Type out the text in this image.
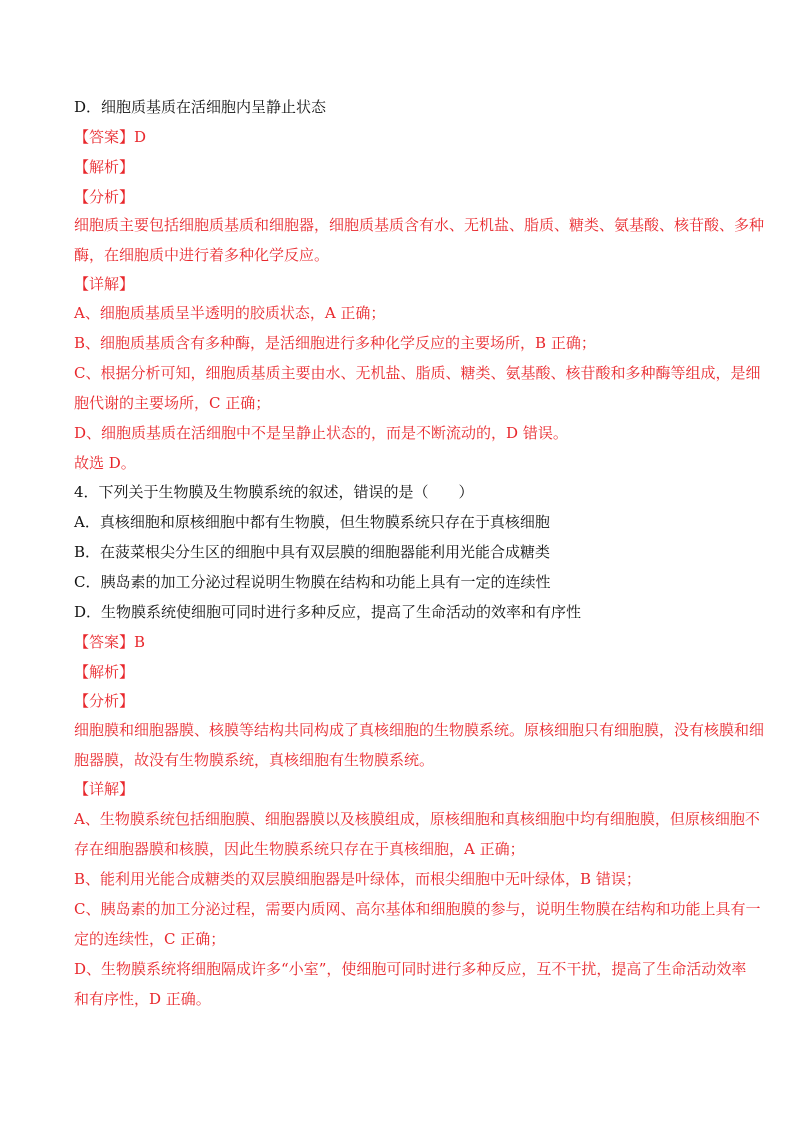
D．细胞质基质在活细胞内呈静止状态
【答案】D
【解析】
【分析】
细胞质主要包括细胞质基质和细胞器，细胞质基质含有水、无机盐、脂质、糖类、氨基酸、核苷酸、多种
酶，在细胞质中进行着多种化学反应。
【详解】
A、细胞质基质呈半透明的胶质状态，A 正确；
B、细胞质基质含有多种酶，是活细胞进行多种化学反应的主要场所，B 正确；
C、根据分析可知，细胞质基质主要由水、无机盐、脂质、糖类、氨基酸、核苷酸和多种酶等组成，是细
胞代谢的主要场所，C 正确；
D、细胞质基质在活细胞中不是呈静止状态的，而是不断流动的，D 错误。
故选 D。
4．下列关于生物膜及生物膜系统的叙述，错误的是（　　）
A．真核细胞和原核细胞中都有生物膜，但生物膜系统只存在于真核细胞
B．在菠菜根尖分生区的细胞中具有双层膜的细胞器能利用光能合成糖类
C．胰岛素的加工分泌过程说明生物膜在结构和功能上具有一定的连续性
D．生物膜系统使细胞可同时进行多种反应，提高了生命活动的效率和有序性
【答案】B
【解析】
【分析】
细胞膜和细胞器膜、核膜等结构共同构成了真核细胞的生物膜系统。原核细胞只有细胞膜，没有核膜和细
胞器膜，故没有生物膜系统，真核细胞有生物膜系统。
【详解】
A、生物膜系统包括细胞膜、细胞器膜以及核膜组成，原核细胞和真核细胞中均有细胞膜，但原核细胞不
存在细胞器膜和核膜，因此生物膜系统只存在于真核细胞，A 正确；
B、能利用光能合成糖类的双层膜细胞器是叶绿体，而根尖细胞中无叶绿体，B 错误；
C、胰岛素的加工分泌过程，需要内质网、高尔基体和细胞膜的参与，说明生物膜在结构和功能上具有一
定的连续性，C 正确；
D、生物膜系统将细胞隔成许多“小室”，使细胞可同时进行多种反应，互不干扰，提高了生命活动效率
和有序性，D 正确。
